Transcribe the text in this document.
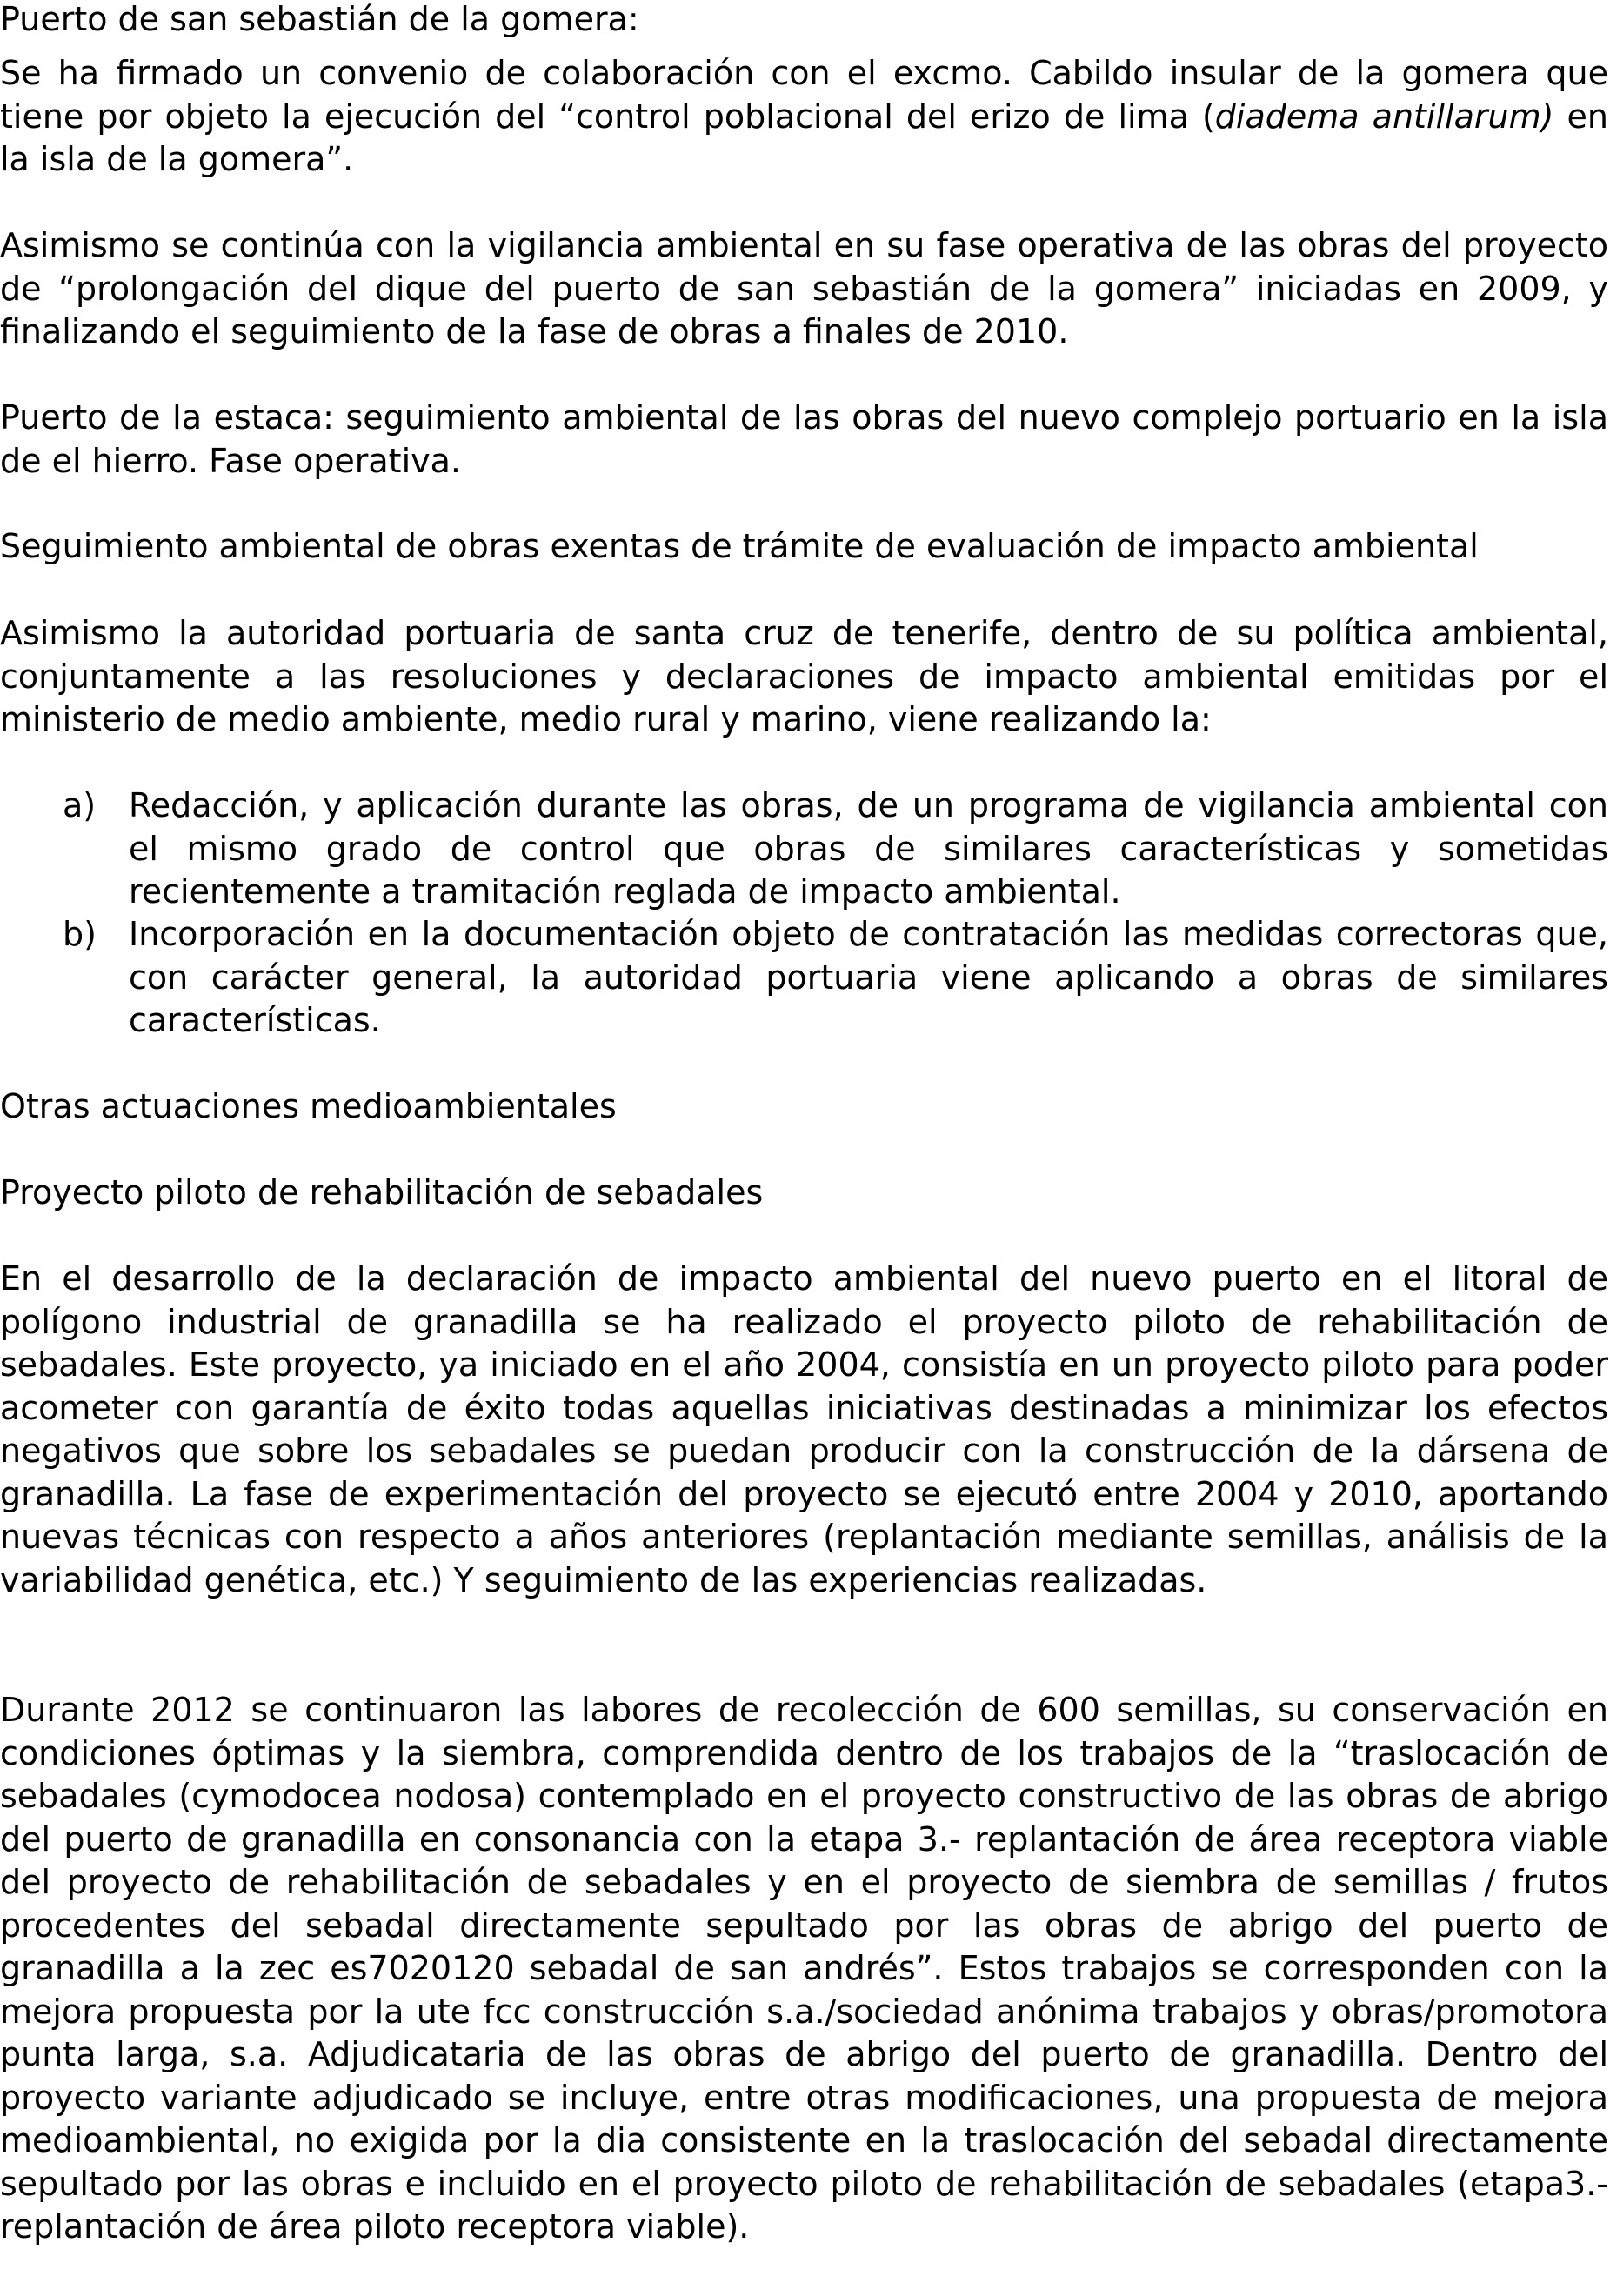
Puerto de san sebastián de la gomera:

Se ha firmado un convenio de colaboración con el excmo. Cabildo insular de la gomera que tiene por objeto la ejecución del “control poblacional del erizo de lima (diadema antillarum) en la isla de la gomera”.

Asimismo se continúa con la vigilancia ambiental en su fase operativa de las obras del proyecto de “prolongación del dique del puerto de san sebastián de la gomera” iniciadas en 2009, y finalizando el seguimiento de la fase de obras a finales de 2010.

Puerto de la estaca: seguimiento ambiental de las obras del nuevo complejo portuario en la isla de el hierro. Fase operativa.

Seguimiento ambiental de obras exentas de trámite de evaluación de impacto ambiental

Asimismo la autoridad portuaria de santa cruz de tenerife, dentro de su política ambiental, conjuntamente a las resoluciones y declaraciones de impacto ambiental emitidas por el ministerio de medio ambiente, medio rural y marino, viene realizando la:

a) Redacción, y aplicación durante las obras, de un programa de vigilancia ambiental con el mismo grado de control que obras de similares características y sometidas recientemente a tramitación reglada de impacto ambiental.
b) Incorporación en la documentación objeto de contratación las medidas correctoras que, con carácter general, la autoridad portuaria viene aplicando a obras de similares características.

Otras actuaciones medioambientales

Proyecto piloto de rehabilitación de sebadales

En el desarrollo de la declaración de impacto ambiental del nuevo puerto en el litoral de polígono industrial de granadilla se ha realizado el proyecto piloto de rehabilitación de sebadales. Este proyecto, ya iniciado en el año 2004, consistía en un proyecto piloto para poder acometer con garantía de éxito todas aquellas iniciativas destinadas a minimizar los efectos negativos que sobre los sebadales se puedan producir con la construcción de la dársena de granadilla. La fase de experimentación del proyecto se ejecutó entre 2004 y 2010, aportando nuevas técnicas con respecto a años anteriores (replantación mediante semillas, análisis de la variabilidad genética, etc.) Y seguimiento de las experiencias realizadas.

Durante 2012 se continuaron las labores de recolección de 600 semillas, su conservación en condiciones óptimas y la siembra, comprendida dentro de los trabajos de la “traslocación de sebadales (cymodocea nodosa) contemplado en el proyecto constructivo de las obras de abrigo del puerto de granadilla en consonancia con la etapa 3.- replantación de área receptora viable del proyecto de rehabilitación de sebadales y en el proyecto de siembra de semillas / frutos procedentes del sebadal directamente sepultado por las obras de abrigo del puerto de granadilla a la zec es7020120 sebadal de san andrés”. Estos trabajos se corresponden con la mejora propuesta por la ute fcc construcción s.a./sociedad anónima trabajos y obras/promotora punta larga, s.a. Adjudicataria de las obras de abrigo del puerto de granadilla. Dentro del proyecto variante adjudicado se incluye, entre otras modificaciones, una propuesta de mejora medioambiental, no exigida por la dia consistente en la traslocación del sebadal directamente sepultado por las obras e incluido en el proyecto piloto de rehabilitación de sebadales (etapa3.- replantación de área piloto receptora viable).
